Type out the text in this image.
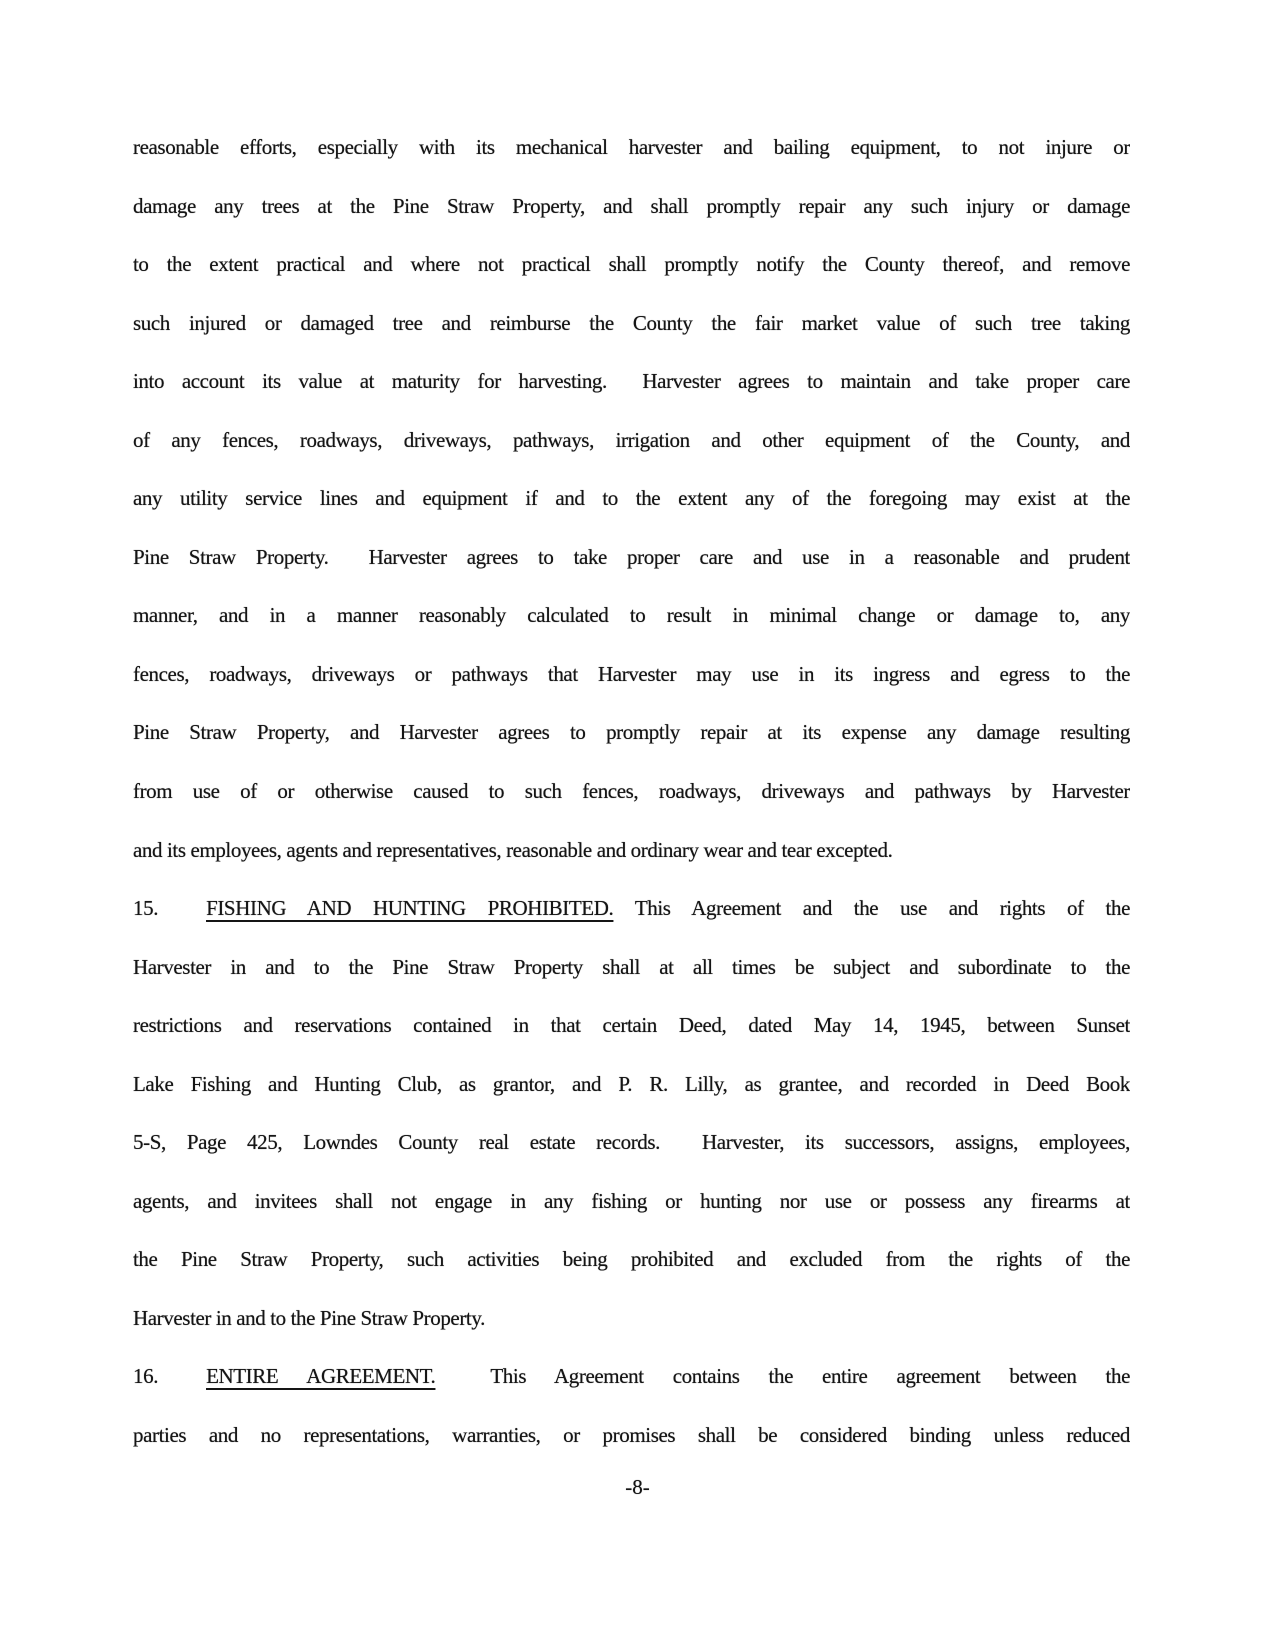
reasonable efforts, especially with its mechanical harvester and bailing equipment, to not injure or
damage any trees at the Pine Straw Property, and shall promptly repair any such injury or damage
to the extent practical and where not practical shall promptly notify the County thereof, and remove
such injured or damaged tree and reimburse the County the fair market value of such tree taking
into account its value at maturity for harvesting.  Harvester agrees to maintain and take proper care
of any fences, roadways, driveways, pathways, irrigation and other equipment of the County, and
any utility service lines and equipment if and to the extent any of the foregoing may exist at the
Pine Straw Property.  Harvester agrees to take proper care and use in a reasonable and prudent
manner, and in a manner reasonably calculated to result in minimal change or damage to, any
fences, roadways, driveways or pathways that Harvester may use in its ingress and egress to the
Pine Straw Property, and Harvester agrees to promptly repair at its expense any damage resulting
from use of or otherwise caused to such fences, roadways, driveways and pathways by Harvester
and its employees, agents and representatives, reasonable and ordinary wear and tear excepted.
15. FISHING AND HUNTING PROHIBITED. This Agreement and the use and rights of the
Harvester in and to the Pine Straw Property shall at all times be subject and subordinate to the
restrictions and reservations contained in that certain Deed, dated May 14, 1945, between Sunset
Lake Fishing and Hunting Club, as grantor, and P. R. Lilly, as grantee, and recorded in Deed Book
5-S, Page 425, Lowndes County real estate records.  Harvester, its successors, assigns, employees,
agents, and invitees shall not engage in any fishing or hunting nor use or possess any firearms at
the Pine Straw Property, such activities being prohibited and excluded from the rights of the
Harvester in and to the Pine Straw Property.
16. ENTIRE AGREEMENT.	This Agreement contains the entire agreement between the
parties and no representations, warranties, or promises shall be considered binding unless reduced
-8-
